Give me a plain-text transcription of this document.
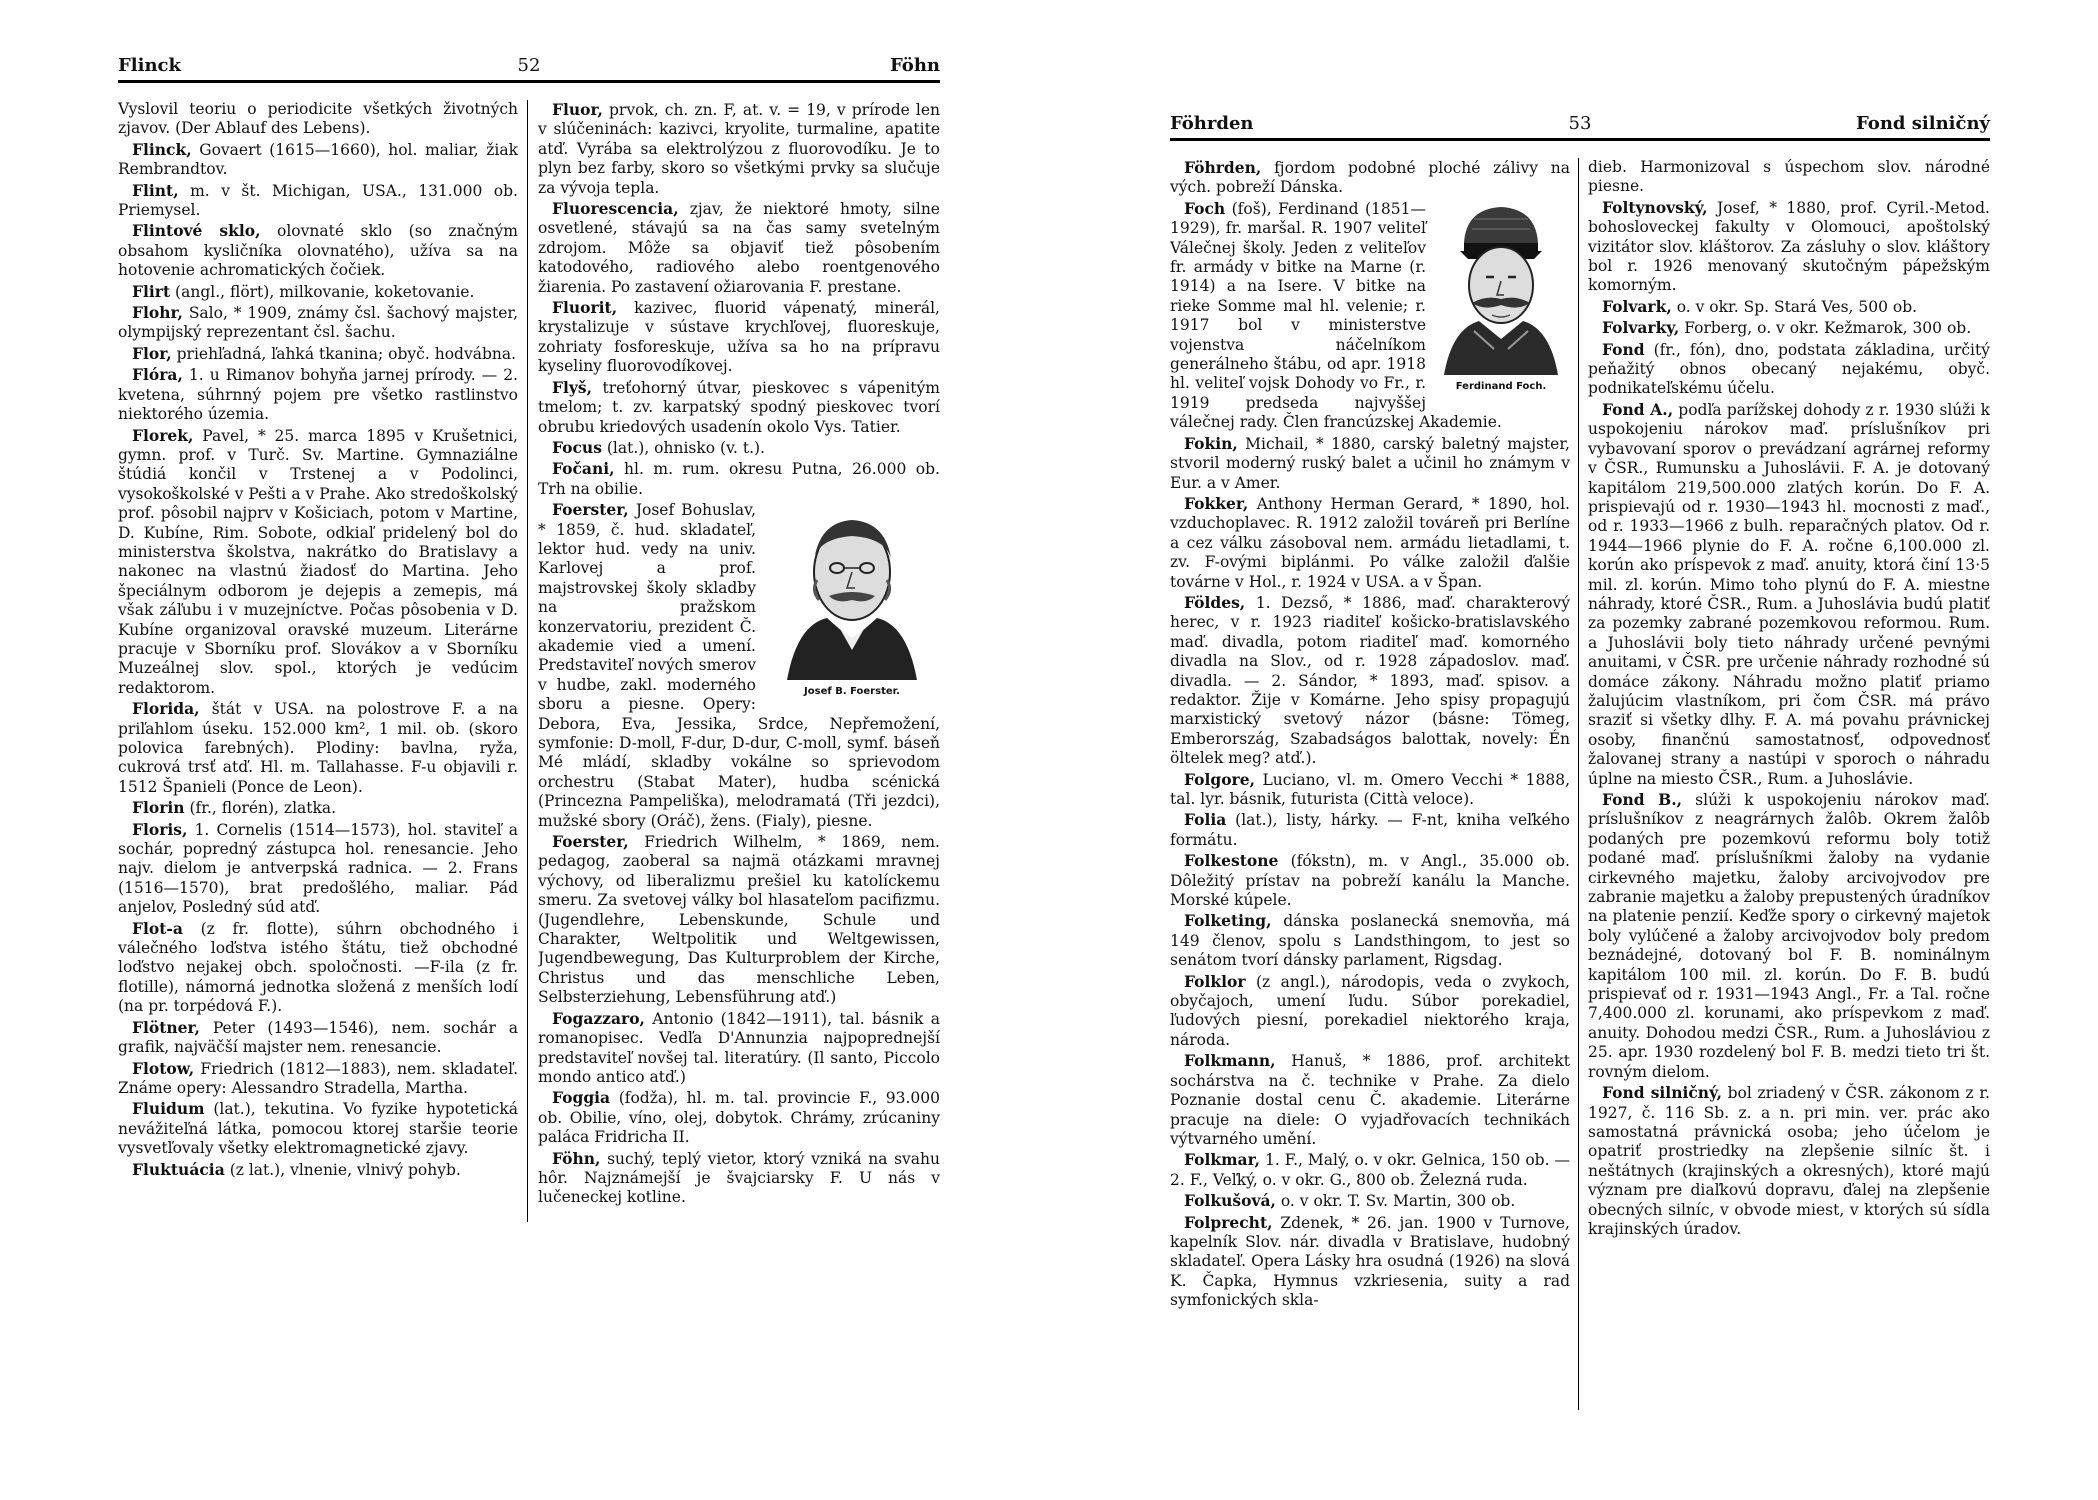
Flinck	52	Föhn

Vyslovil teoriu o periodicite všetkých životných zjavov. (Der Ablauf des Lebens).

Flinck, Govaert (1615—1660), hol. maliar, žiak Rembrandtov.

Flint, m. v št. Michigan, USA., 131.000 ob. Priemysel.

Flintové sklo, olovnaté sklo (so značným obsahom kysličníka olovnatého), užíva sa na hotovenie achromatických čočiek.

Flirt (angl., flört), milkovanie, koketovanie.

Flohr, Salo, * 1909, známy čsl. šachový majster, olympijský reprezentant čsl. šachu.

Flor, priehľadná, ľahká tkanina; obyč. hodvábna.

Flóra, 1. u Rimanov bohyňa jarnej prírody. — 2. kvetena, súhrnný pojem pre všetko rastlinstvo niektorého územia.

Florek, Pavel, * 25. marca 1895 v Krušetnici, gymn. prof. v Turč. Sv. Martine. Gymnaziálne štúdiá končil v Trstenej a v Podolinci, vysokoškolské v Pešti a v Prahe. Ako stredoškolský prof. pôsobil najprv v Košiciach, potom v Martine, D. Kubíne, Rim. Sobote, odkiaľ pridelený bol do ministerstva školstva, nakrátko do Bratislavy a nakonec na vlastnú žiadosť do Martina. Jeho špeciálnym odborom je dejepis a zemepis, má však záľubu i v muzejníctve. Počas pôsobenia v D. Kubíne organizoval oravské muzeum. Literárne pracuje v Sborníku prof. Slovákov a v Sborníku Muzeálnej slov. spol., ktorých je vedúcim redaktorom.

Florida, štát v USA. na polostrove F. a na priľahlom úseku. 152.000 km², 1 mil. ob. (skoro polovica farebných). Plodiny: bavlna, ryža, cukrová trsť atď. Hl. m. Tallahasse. F-u objavili r. 1512 Španieli (Ponce de Leon).

Florin (fr., florén), zlatka.

Floris, 1. Cornelis (1514—1573), hol. staviteľ a sochár, popredný zástupca hol. renesancie. Jeho najv. dielom je antverpská radnica. — 2. Frans (1516—1570), brat predošlého, maliar. Pád anjelov, Posledný súd atď.

Flot-a (z fr. flotte), súhrn obchodného i válečného loďstva istého štátu, tiež obchodné loďstvo nejakej obch. spoločnosti. —F-ila (z fr. flotille), námorná jednotka složená z menších lodí (na pr. torpédová F.).

Flötner, Peter (1493—1546), nem. sochár a grafik, najväčší majster nem. renesancie.

Flotow, Friedrich (1812—1883), nem. skladateľ. Známe opery: Alessandro Stradella, Martha.

Fluidum (lat.), tekutina. Vo fyzike hypotetická nevážiteľná látka, pomocou ktorej staršie teorie vysvetľovaly všetky elektromagnetické zjavy.

Fluktuácia (z lat.), vlnenie, vlnivý pohyb.

Fluor, prvok, ch. zn. F, at. v. = 19, v prírode len v slúčeninách: kazivci, kryolite, turmaline, apatite atď. Vyrába sa elektrolýzou z fluorovodíku. Je to plyn bez farby, skoro so všetkými prvky sa slučuje za vývoja tepla.

Fluorescencia, zjav, že niektoré hmoty, silne osvetlené, stávajú sa na čas samy svetelným zdrojom. Môže sa objaviť tiež pôsobením katodového, radiového alebo roentgenového žiarenia. Po zastavení ožiarovania F. prestane.

Fluorit, kazivec, fluorid vápenatý, minerál, krystalizuje v sústave krychľovej, fluoreskuje, zohriaty fosforeskuje, užíva sa ho na prípravu kyseliny fluorovodíkovej.

Flyš, treťohorný útvar, pieskovec s vápenitým tmelom; t. zv. karpatský spodný pieskovec tvorí obrubu kriedových usadenín okolo Vys. Tatier.

Focus (lat.), ohnisko (v. t.).

Fočani, hl. m. rum. okresu Putna, 26.000 ob. Trh na obilie.

Josef B. Foerster.

Foerster, Josef Bohuslav, * 1859, č. hud. skladateľ, lektor hud. vedy na univ. Karlovej a prof. majstrovskej školy skladby na pražskom konzervatoriu, prezident Č. akademie vied a umení. Predstaviteľ nových smerov v hudbe, zakl. moderného sboru a piesne. Opery: Debora, Eva, Jessika, Srdce, Nepřemožení, symfonie: D-moll, F-dur, D-dur, C-moll, symf. báseň Mé mládí, skladby vokálne so sprievodom orchestru (Stabat Mater), hudba scénická (Princezna Pampeliška), melodramatá (Tři jezdci), mužské sbory (Oráč), žens. (Fialy), piesne.

Foerster, Friedrich Wilhelm, * 1869, nem. pedagog, zaoberal sa najmä otázkami mravnej výchovy, od liberalizmu prešiel ku katolíckemu smeru. Za svetovej války bol hlasateľom pacifizmu. (Jugendlehre, Lebenskunde, Schule und Charakter, Weltpolitik und Weltgewissen, Jugendbewegung, Das Kulturproblem der Kirche, Christus und das menschliche Leben, Selbsterziehung, Lebensführung atď.)

Fogazzaro, Antonio (1842—1911), tal. básnik a romanopisec. Vedľa D'Annunzia najpoprednejší predstaviteľ novšej tal. literatúry. (Il santo, Piccolo mondo antico atď.)

Foggia (fodža), hl. m. tal. provincie F., 93.000 ob. Obilie, víno, olej, dobytok. Chrámy, zrúcaniny paláca Fridricha II.

Föhn, suchý, teplý vietor, ktorý vzniká na svahu hôr. Najznámejší je švajciarsky F. U nás v lučeneckej kotline.

Föhrden	53	Fond silničný

Föhrden, fjordom podobné ploché zálivy na vých. pobreží Dánska.

Ferdinand Foch.

Foch (foš), Ferdinand (1851—1929), fr. maršal. R. 1907 veliteľ Válečnej školy. Jeden z veliteľov fr. armády v bitke na Marne (r. 1914) a na Isere. V bitke na rieke Somme mal hl. velenie; r. 1917 bol v ministerstve vojenstva náčelníkom generálneho štábu, od apr. 1918 hl. veliteľ vojsk Dohody vo Fr., r. 1919 predseda najvyššej válečnej rady. Člen francúzskej Akademie.

Fokin, Michail, * 1880, carský baletný majster, stvoril moderný ruský balet a učinil ho známym v Eur. a v Amer.

Fokker, Anthony Herman Gerard, * 1890, hol. vzduchoplavec. R. 1912 založil továreň pri Berlíne a cez válku zásoboval nem. armádu lietadlami, t. zv. F-ovými biplánmi. Po válke založil ďalšie továrne v Hol., r. 1924 v USA. a v Špan.

Földes, 1. Dezső, * 1886, maď. charakterový herec, v r. 1923 riaditeľ košicko-bratislavského maď. divadla, potom riaditeľ maď. komorného divadla na Slov., od r. 1928 západoslov. maď. divadla. — 2. Sándor, * 1893, maď. spisov. a redaktor. Žije v Komárne. Jeho spisy propagujú marxistický svetový názor (básne: Tömeg, Emberország, Szabadságos balottak, novely: Én öltelek meg? atď.).

Folgore, Luciano, vl. m. Omero Vecchi * 1888, tal. lyr. básnik, futurista (Città veloce).

Folia (lat.), listy, hárky. — F-nt, kniha veľkého formátu.

Folkestone (fókstn), m. v Angl., 35.000 ob. Dôležitý prístav na pobreží kanálu la Manche. Morské kúpele.

Folketing, dánska poslanecká snemovňa, má 149 členov, spolu s Landsthingom, to jest so senátom tvorí dánsky parlament, Rigsdag.

Folklor (z angl.), národopis, veda o zvykoch, obyčajoch, umení ľudu. Súbor porekadiel, ľudových piesní, porekadiel niektorého kraja, národa.

Folkmann, Hanuš, * 1886, prof. architekt sochárstva na č. technike v Prahe. Za dielo Poznanie dostal cenu Č. akademie. Literárne pracuje na diele: O vyjadřovacích technikách výtvarného umění.

Folkmar, 1. F., Malý, o. v okr. Gelnica, 150 ob. — 2. F., Veľký, o. v okr. G., 800 ob. Železná ruda.

Folkušová, o. v okr. T. Sv. Martin, 300 ob.

Folprecht, Zdenek, * 26. jan. 1900 v Turnove, kapelník Slov. nár. divadla v Bratislave, hudobný skladateľ. Opera Lásky hra osudná (1926) na slová K. Čapka, Hymnus vzkriesenia, suity a rad symfonických skla-

dieb. Harmonizoval s úspechom slov. národné piesne.

Foltynovský, Josef, * 1880, prof. Cyril.-Metod. bohosloveckej fakulty v Olomouci, apoštolský vizitátor slov. kláštorov. Za zásluhy o slov. kláštory bol r. 1926 menovaný skutočným pápežským komorným.

Folvark, o. v okr. Sp. Stará Ves, 500 ob.

Folvarky, Forberg, o. v okr. Kežmarok, 300 ob.

Fond (fr., fón), dno, podstata základina, určitý peňažitý obnos obecaný nejakému, obyč. podnikateľskému účelu.

Fond A., podľa parížskej dohody z r. 1930 slúži k uspokojeniu nárokov maď. príslušníkov pri vybavovaní sporov o prevádzaní agrárnej reformy v ČSR., Rumunsku a Juhoslávii. F. A. je dotovaný kapitálom 219,500.000 zlatých korún. Do F. A. prispievajú od r. 1930—1943 hl. mocnosti z maď., od r. 1933—1966 z bulh. reparačných platov. Od r. 1944—1966 plynie do F. A. ročne 6,100.000 zl. korún ako príspevok z maď. anuity, ktorá činí 13·5 mil. zl. korún. Mimo toho plynú do F. A. miestne náhrady, ktoré ČSR., Rum. a Juhoslávia budú platiť za pozemky zabrané pozemkovou reformou. Rum. a Juhoslávii boly tieto náhrady určené pevnými anuitami, v ČSR. pre určenie náhrady rozhodné sú domáce zákony. Náhradu možno platiť priamo žalujúcim vlastníkom, pri čom ČSR. má právo sraziť si všetky dlhy. F. A. má povahu právnickej osoby, finančnú samostatnosť, odpovednosť žalovanej strany a nastúpi v sporoch o náhradu úplne na miesto ČSR., Rum. a Juhoslávie.

Fond B., slúži k uspokojeniu nárokov maď. príslušníkov z neagrárnych žalôb. Okrem žalôb podaných pre pozemkovú reformu boly totiž podané maď. príslušníkmi žaloby na vydanie cirkevného majetku, žaloby arcivojvodov pre zabranie majetku a žaloby prepustených úradníkov na platenie penzií. Keďže spory o cirkevný majetok boly vylúčené a žaloby arcivojvodov boly predom beznádejné, dotovaný bol F. B. nominálnym kapitálom 100 mil. zl. korún. Do F. B. budú prispievať od r. 1931—1943 Angl., Fr. a Tal. ročne 7,400.000 zl. korunami, ako príspevkom z maď. anuity. Dohodou medzi ČSR., Rum. a Juhosláviou z 25. apr. 1930 rozdelený bol F. B. medzi tieto tri št. rovným dielom.

Fond silničný, bol zriadený v ČSR. zákonom z r. 1927, č. 116 Sb. z. a n. pri min. ver. prác ako samostatná právnická osoba; jeho účelom je opatriť prostriedky na zlepšenie silníc št. i neštátnych (krajinských a okresných), ktoré majú význam pre diaľkovú dopravu, ďalej na zlepšenie obecných silníc, v obvode miest, v ktorých sú sídla krajinských úradov.
